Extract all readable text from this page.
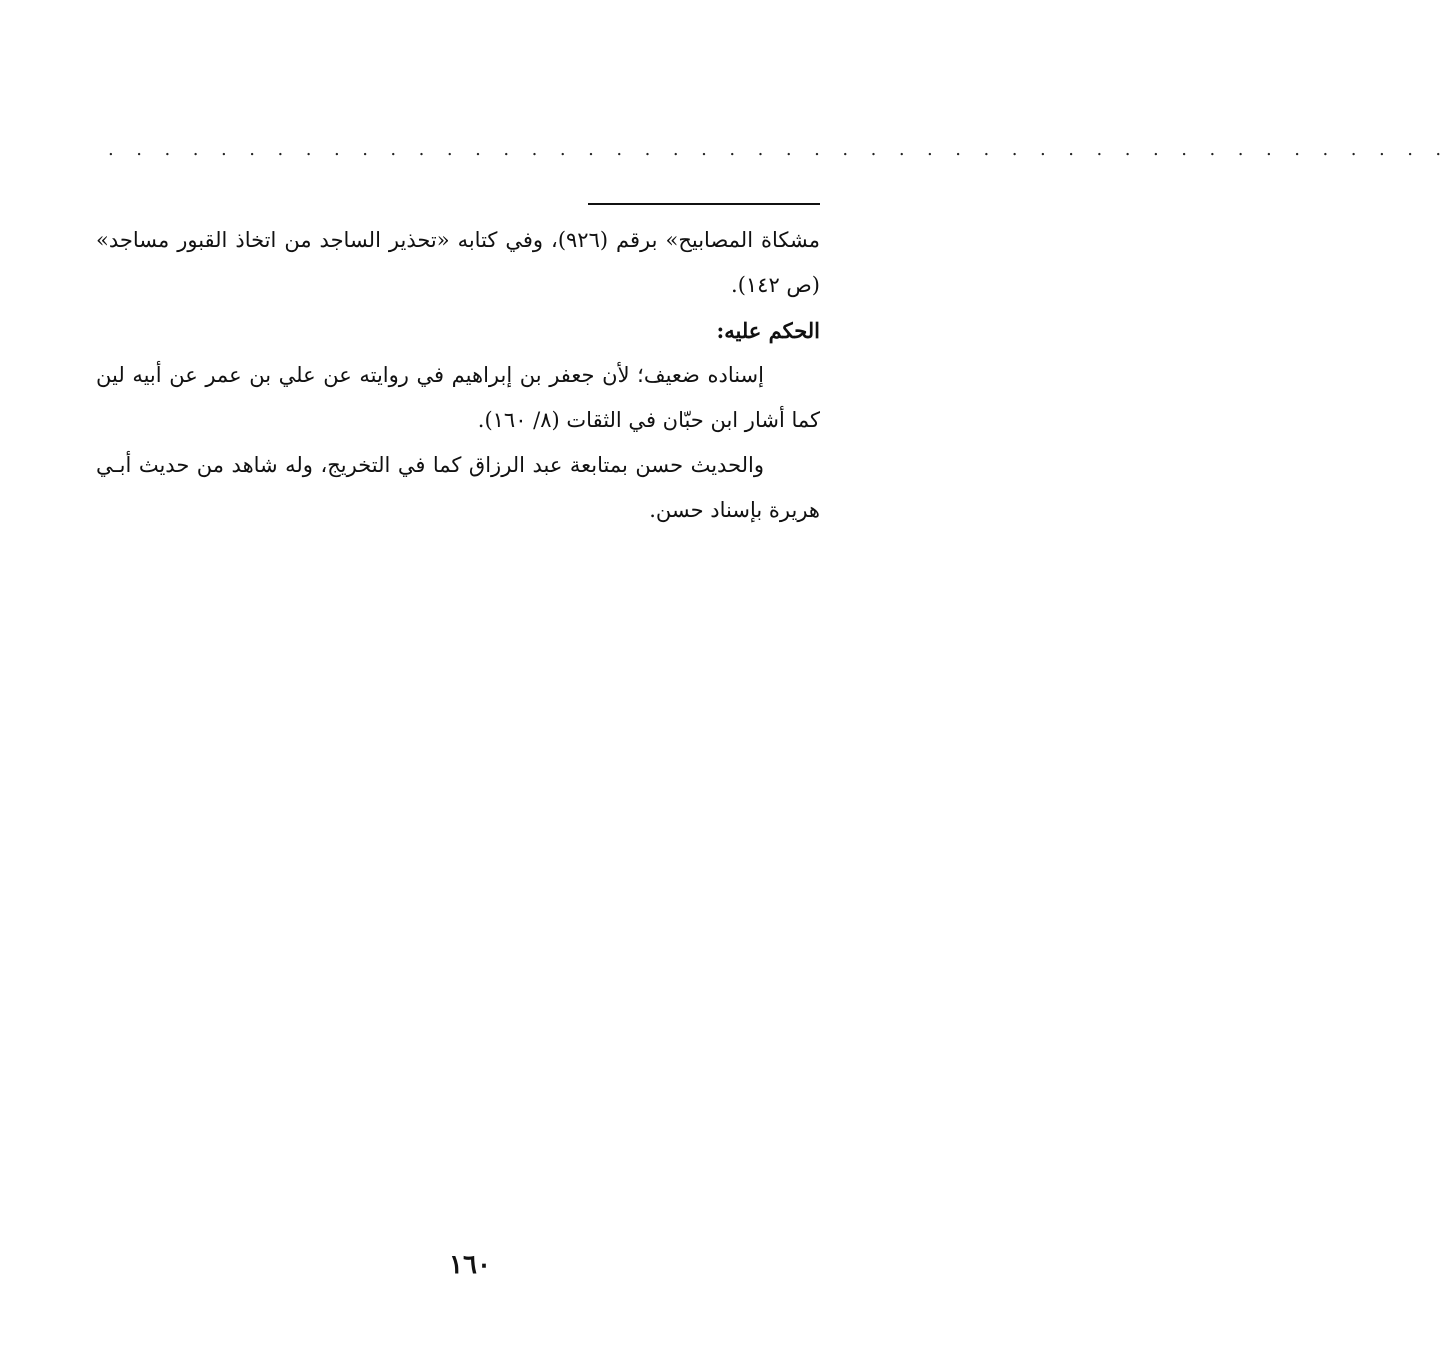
. . . . . . . . . . . . . . . . . . . . . . . . . . . . . . . . . . . . . . . . . . . . . . . .

مشكاة المصابيح» برقم (٩٢٦)، وفي كتابه «تحذير الساجد من اتخاذ القبور مساجد» (ص ١٤٢).

الحكم عليه:

إسناده ضعيف؛ لأن جعفر بن إبراهيم في روايته عن علي بن عمر عن أبيه لين كما أشار ابن حبّان في الثقات (٨/ ١٦٠).

والحديث حسن بمتابعة عبد الرزاق كما في التخريج، وله شاهد من حديث أبـي هريرة بإسناد حسن.

١٦٠
